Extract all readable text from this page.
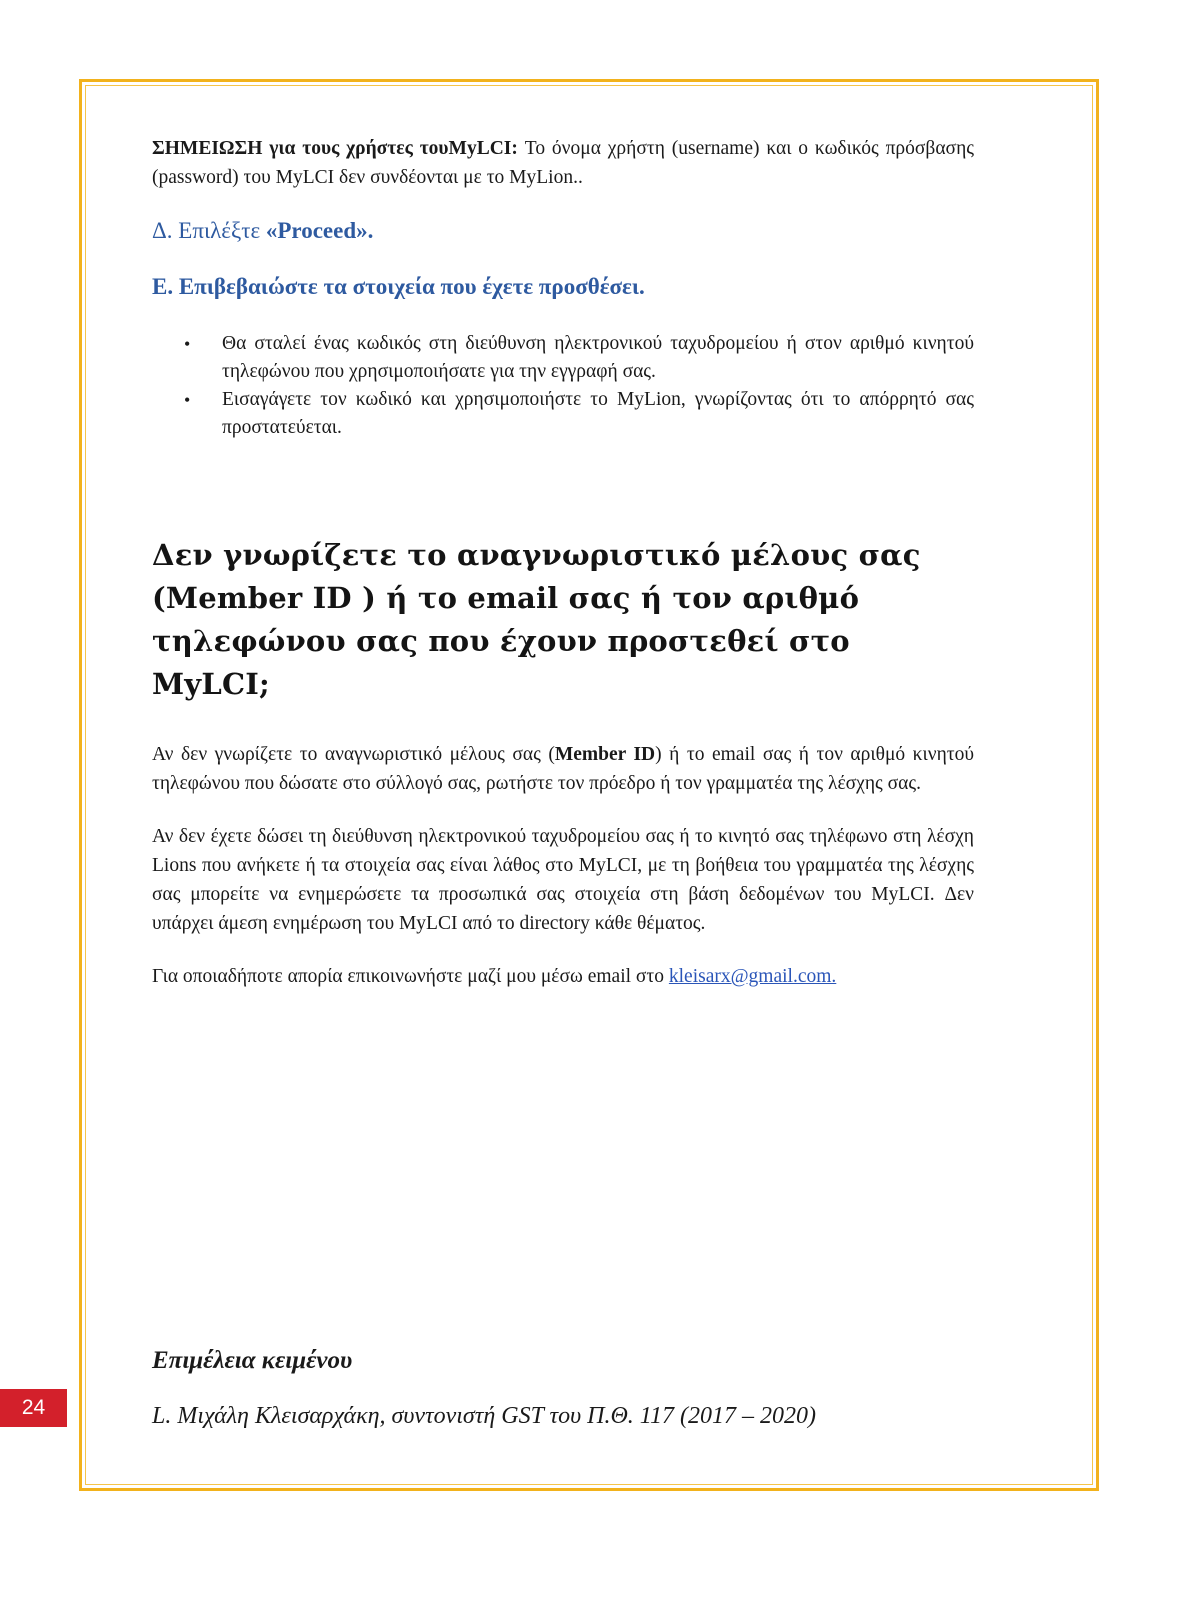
ΣΗΜΕΙΩΣΗ για τους χρήστες τουMyLCI: Το όνομα χρήστη (username) και ο κωδικός πρόσβασης (password) του MyLCI δεν συνδέονται με το MyLion..

Δ. Επιλέξτε «Proceed».

Ε. Επιβεβαιώστε τα στοιχεία που έχετε προσθέσει.

• Θα σταλεί ένας κωδικός στη διεύθυνση ηλεκτρονικού ταχυδρομείου ή στον αριθμό κινητού τηλεφώνου που χρησιμοποιήσατε για την εγγραφή σας.
• Εισαγάγετε τον κωδικό και χρησιμοποιήστε το MyLion, γνωρίζοντας ότι το απόρρητό σας προστατεύεται.
Δεν γνωρίζετε το αναγνωριστικό μέλους σας (Member ID ) ή το email σας ή τον αριθμό τηλεφώνου σας που έχουν προστεθεί στο MyLCI;

Αν δεν γνωρίζετε το αναγνωριστικό μέλους σας (Member ID) ή το email σας ή τον αριθμό κινητού τηλεφώνου που δώσατε στο σύλλογό σας, ρωτήστε τον πρόεδρο ή τον γραμματέα της λέσχης σας.

Αν δεν έχετε δώσει τη διεύθυνση ηλεκτρονικού ταχυδρομείου σας ή το κινητό σας τηλέφωνο στη λέσχη Lions που ανήκετε ή τα στοιχεία σας είναι λάθος στο MyLCI, με τη βοήθεια του γραμματέα της λέσχης σας μπορείτε να ενημερώσετε τα προσωπικά σας στοιχεία στη βάση δεδομένων του MyLCI. Δεν υπάρχει άμεση ενημέρωση του MyLCI από το directory κάθε θέματος.

Για οποιαδήποτε απορία επικοινωνήστε μαζί μου μέσω email στο kleisarx@gmail.com.

Επιμέλεια κειμένου

L. Μιχάλη Κλεισαρχάκη, συντονιστή GST του Π.Θ. 117 (2017 – 2020)

24
